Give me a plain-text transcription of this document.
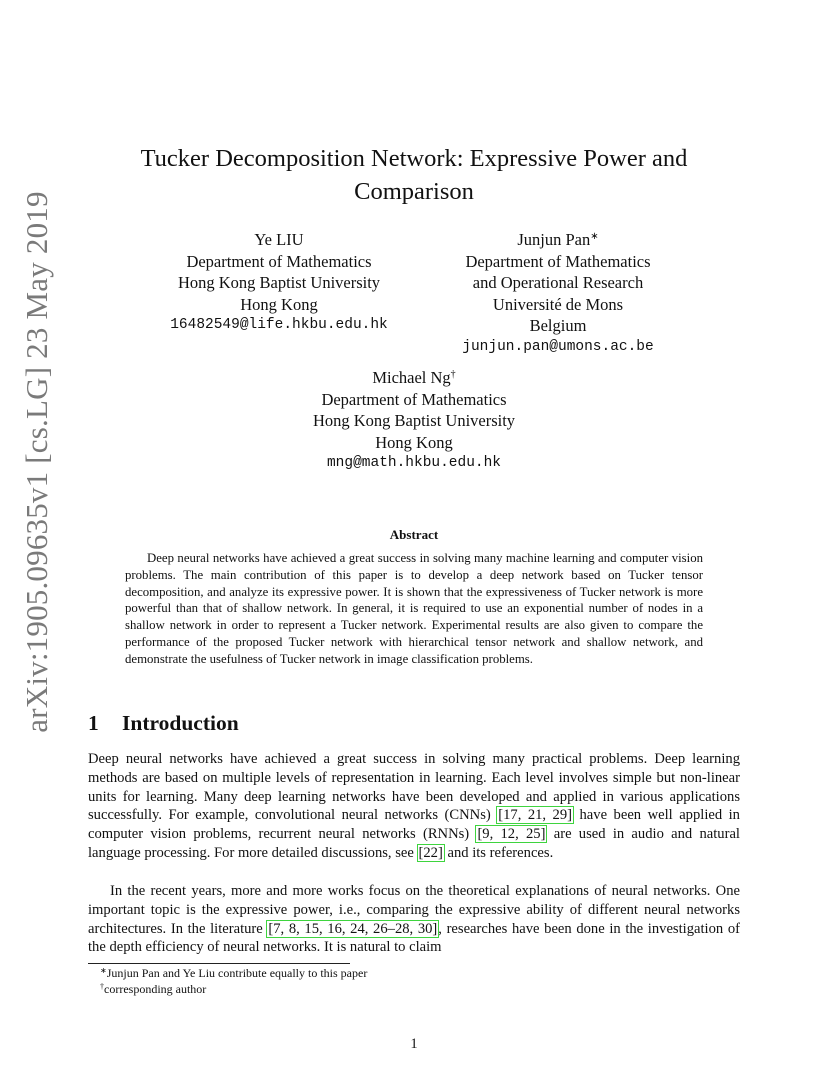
arXiv:1905.09635v1 [cs.LG] 23 May 2019
Tucker Decomposition Network: Expressive Power and
Comparison
Ye LIU
Department of Mathematics
Hong Kong Baptist University
Hong Kong
16482549@life.hkbu.edu.hk
Junjun Pan∗
Department of Mathematics
and Operational Research
Université de Mons
Belgium
junjun.pan@umons.ac.be
Michael Ng†
Department of Mathematics
Hong Kong Baptist University
Hong Kong
mng@math.hkbu.edu.hk
Abstract

Deep neural networks have achieved a great success in solving many machine learning and computer vision problems. The main contribution of this paper is to develop a deep network based on Tucker tensor decomposition, and analyze its expressive power. It is shown that the expressiveness of Tucker network is more powerful than that of shallow network. In general, it is required to use an exponential number of nodes in a shallow network in order to represent a Tucker network. Experimental results are also given to compare the performance of the proposed Tucker network with hierarchical tensor network and shallow network, and demonstrate the usefulness of Tucker network in image classification problems.

1 Introduction

Deep neural networks have achieved a great success in solving many practical problems. Deep learning methods are based on multiple levels of representation in learning. Each level involves simple but non-linear units for learning. Many deep learning networks have been developed and applied in various applications successfully. For example, convolutional neural networks (CNNs) [17, 21, 29] have been well applied in computer vision problems, recurrent neural networks (RNNs) [9, 12, 25] are used in audio and natural language processing. For more detailed discussions, see [22] and its references.

In the recent years, more and more works focus on the theoretical explanations of neural networks. One important topic is the expressive power, i.e., comparing the expressive ability of different neural networks architectures. In the literature [7, 8, 15, 16, 24, 26–28, 30], researches have been done in the investigation of the depth efficiency of neural networks. It is natural to claim

∗Junjun Pan and Ye Liu contribute equally to this paper
†corresponding author
1
